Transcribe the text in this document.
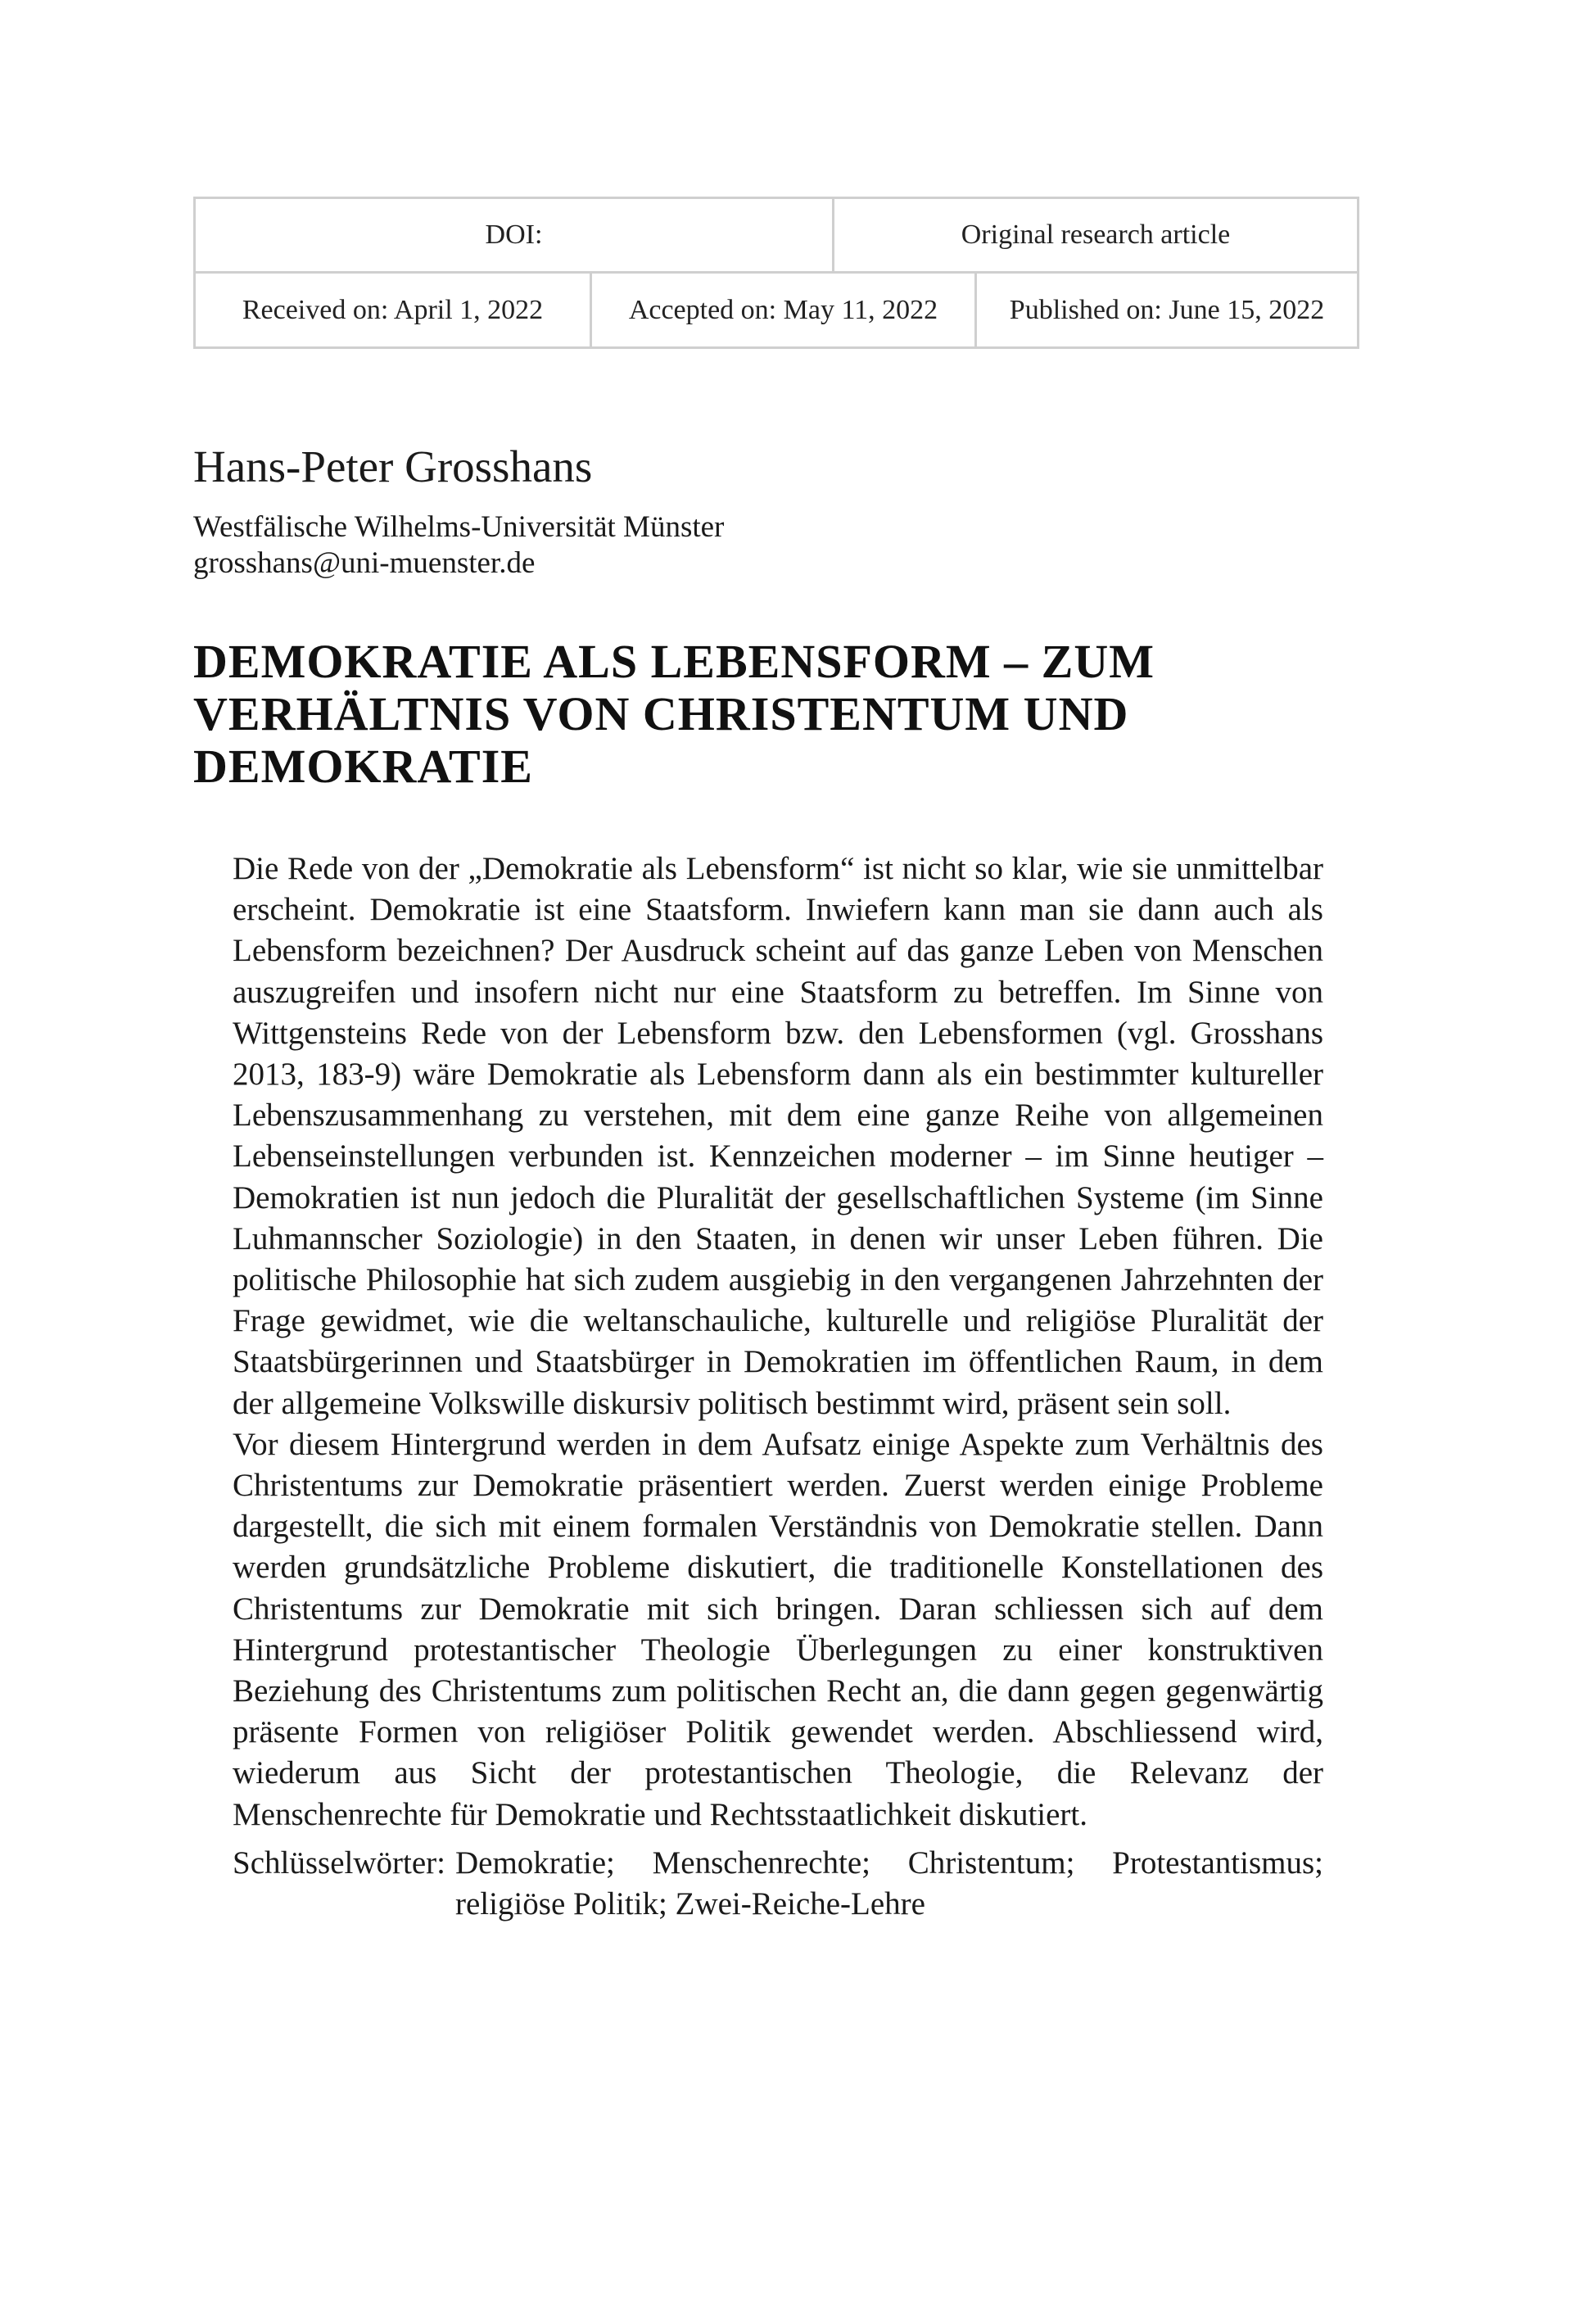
DOI:	Original research article
Received on: April 1, 2022	Accepted on: May 11, 2022	Published on: June 15, 2022
Hans-Peter Grosshans
Westfälische Wilhelms-Universität Münster
grosshans@uni-muenster.de
DEMOKRATIE ALS LEBENSFORM – ZUM VERHÄLTNIS VON CHRISTENTUM UND DEMOKRATIE

Die Rede von der „Demokratie als Lebensform“ ist nicht so klar, wie sie unmittelbar erscheint. Demokratie ist eine Staatsform. Inwiefern kann man sie dann auch als Lebensform bezeichnen? Der Ausdruck scheint auf das ganze Leben von Menschen auszugreifen und insofern nicht nur eine Staatsform zu betreffen. Im Sinne von Wittgensteins Rede von der Lebensform bzw. den Lebensformen (vgl. Grosshans 2013, 183-9) wäre Demokratie als Lebensform dann als ein bestimmter kultureller Lebenszusammenhang zu verstehen, mit dem eine ganze Reihe von allgemeinen Lebenseinstellungen verbunden ist. Kennzeichen moderner – im Sinne heutiger – Demokratien ist nun jedoch die Pluralität der gesellschaftlichen Systeme (im Sinne Luhmannscher Soziologie) in den Staaten, in denen wir unser Leben führen. Die politische Philosophie hat sich zudem ausgiebig in den vergangenen Jahrzehnten der Frage gewidmet, wie die weltanschauliche, kulturelle und religiöse Pluralität der Staatsbürgerinnen und Staatsbürger in Demokratien im öffentlichen Raum, in dem der allgemeine Volkswille diskursiv politisch bestimmt wird, präsent sein soll.

Vor diesem Hintergrund werden in dem Aufsatz einige Aspekte zum Verhältnis des Christentums zur Demokratie präsentiert werden. Zuerst werden einige Probleme dargestellt, die sich mit einem formalen Verständnis von Demokratie stellen. Dann werden grundsätzliche Probleme diskutiert, die traditionelle Konstellationen des Christentums zur Demokratie mit sich bringen. Daran schliessen sich auf dem Hintergrund protestantischer Theologie Überlegungen zu einer konstruktiven Beziehung des Christentums zum politischen Recht an, die dann gegen gegenwärtig präsente Formen von religiöser Politik gewendet werden. Abschliessend wird, wiederum aus Sicht der protestantischen Theologie, die Relevanz der Menschenrechte für Demokratie und Rechtsstaatlichkeit diskutiert.

Schlüsselwörter: Demokratie; Menschenrechte; Christentum; Protestantismus; religiöse Politik; Zwei-Reiche-Lehre
